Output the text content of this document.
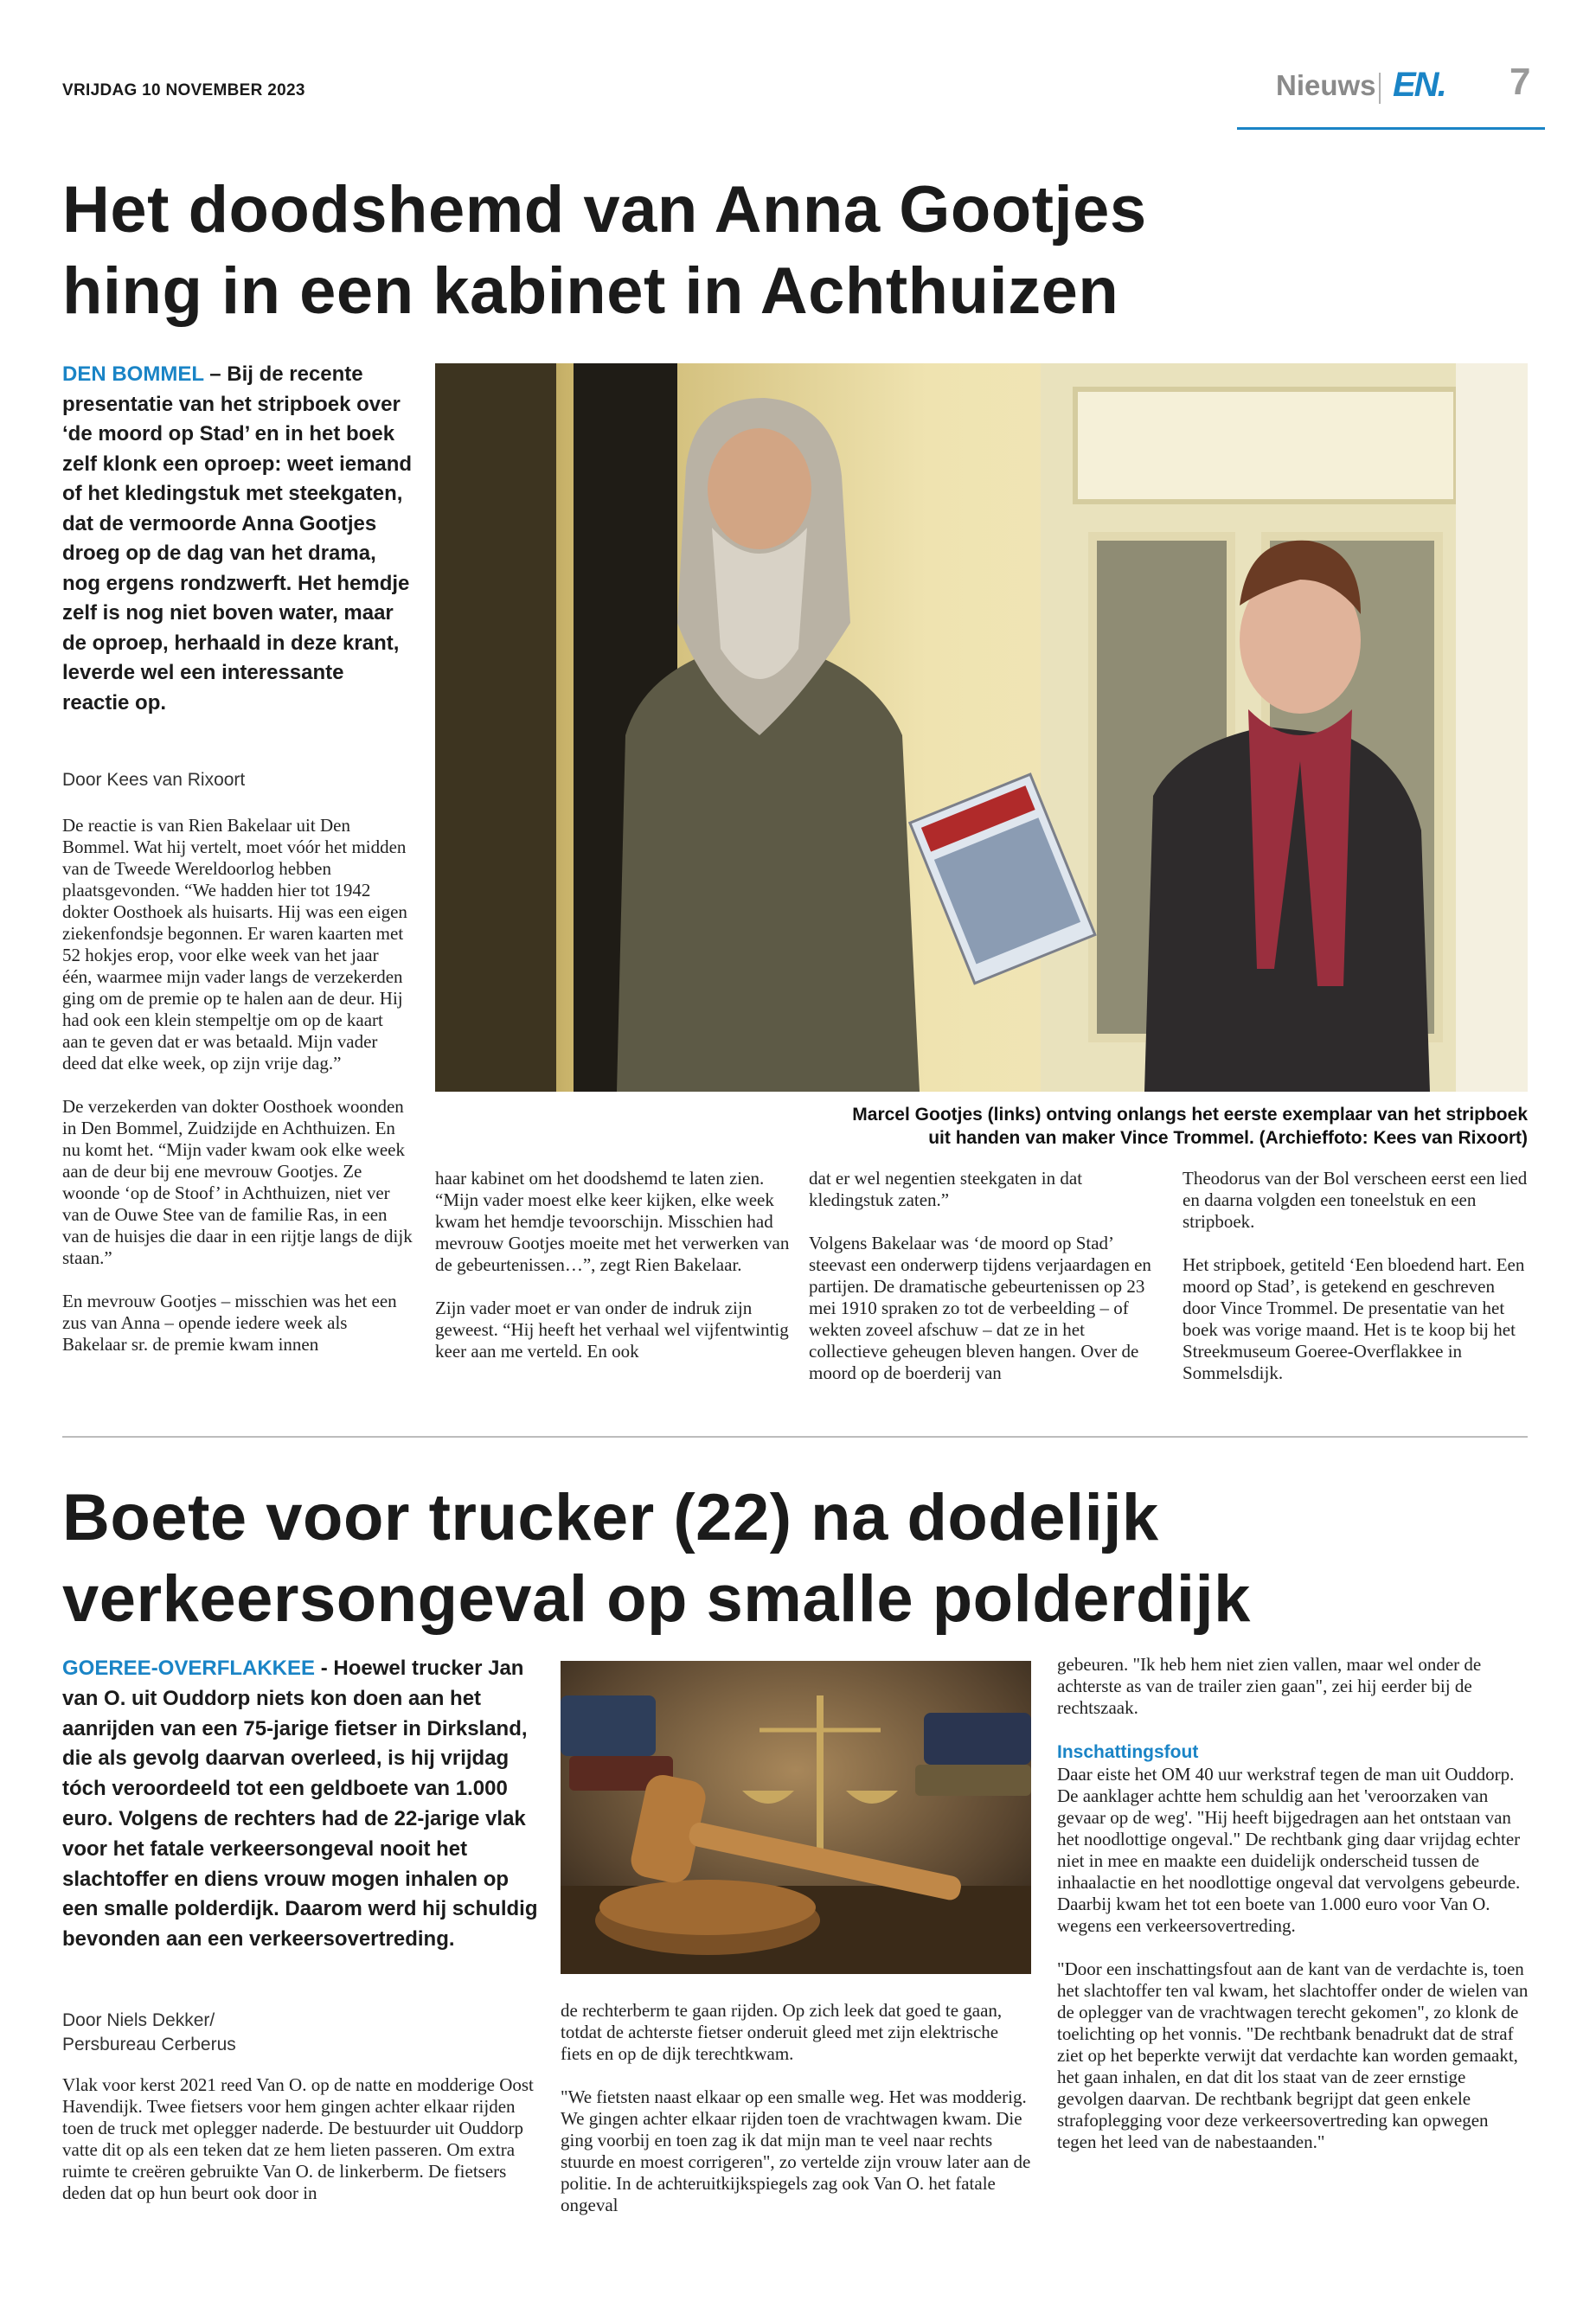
VRIJDAG 10 NOVEMBER 2023	Nieuws EN. 7
Het doodshemd van Anna Gootjes
hing in een kabinet in Achthuizen
DEN BOMMEL – Bij de recente presentatie van het stripboek over ‘de moord op Stad’ en in het boek zelf klonk een oproep: weet iemand of het kledingstuk met steekgaten, dat de vermoorde Anna Gootjes droeg op de dag van het drama, nog ergens rondzwerft. Het hemdje zelf is nog niet boven water, maar de oproep, herhaald in deze krant, leverde wel een interessante reactie op.
Door Kees van Rixoort

De reactie is van Rien Bakelaar uit Den Bommel. Wat hij vertelt, moet vóór het midden van de Tweede Wereldoorlog hebben plaatsgevonden. “We hadden hier tot 1942 dokter Oosthoek als huisarts. Hij was een eigen ziekenfondsje begonnen. Er waren kaarten met 52 hokjes erop, voor elke week van het jaar één, waarmee mijn vader langs de verzekerden ging om de premie op te halen aan de deur. Hij had ook een klein stempeltje om op de kaart aan te geven dat er was betaald. Mijn vader deed dat elke week, op zijn vrije dag.”

De verzekerden van dokter Oosthoek woonden in Den Bommel, Zuidzijde en Achthuizen. En nu komt het. “Mijn vader kwam ook elke week aan de deur bij ene mevrouw Gootjes. Ze woonde ‘op de Stoof’ in Achthuizen, niet ver van de Ouwe Stee van de familie Ras, in een van de huisjes die daar in een rijtje langs de dijk staan.”

En mevrouw Gootjes – misschien was het een zus van Anna – opende iedere week als Bakelaar sr. de premie kwam innen

Marcel Gootjes (links) ontving onlangs het eerste exemplaar van het stripboek
uit handen van maker Vince Trommel. (Archieffoto: Kees van Rixoort)

haar kabinet om het doodshemd te laten zien. “Mijn vader moest elke keer kijken, elke week kwam het hemdje tevoorschijn. Misschien had mevrouw Gootjes moeite met het verwerken van de gebeurtenissen…”, zegt Rien Bakelaar.

Zijn vader moet er van onder de indruk zijn geweest. “Hij heeft het verhaal wel vijfentwintig keer aan me verteld. En ook

dat er wel negentien steekgaten in dat kledingstuk zaten.”

Volgens Bakelaar was ‘de moord op Stad’ steevast een onderwerp tijdens verjaardagen en partijen. De dramatische gebeurtenissen op 23 mei 1910 spraken zo tot de verbeelding – of wekten zoveel afschuw – dat ze in het collectieve geheugen bleven hangen. Over de moord op de boerderij van

Theodorus van der Bol verscheen eerst een lied en daarna volgden een toneelstuk en een stripboek.

Het stripboek, getiteld ‘Een bloedend hart. Een moord op Stad’, is getekend en geschreven door Vince Trommel. De presentatie van het boek was vorige maand. Het is te koop bij het Streekmuseum Goeree-Overflakkee in Sommelsdijk.

Boete voor trucker (22) na dodelijk
verkeersongeval op smalle polderdijk
GOEREE-OVERFLAKKEE - Hoewel trucker Jan van O. uit Ouddorp niets kon doen aan het aanrijden van een 75-jarige fietser in Dirksland, die als gevolg daarvan overleed, is hij vrijdag tóch veroordeeld tot een geldboete van 1.000 euro. Volgens de rechters had de 22-jarige vlak voor het fatale verkeersongeval nooit het slachtoffer en diens vrouw mogen inhalen op een smalle polderdijk. Daarom werd hij schuldig bevonden aan een verkeersovertreding.
Door Niels Dekker/
Persbureau Cerberus

Vlak voor kerst 2021 reed Van O. op de natte en modderige Oost Havendijk. Twee fietsers voor hem gingen achter elkaar rijden toen de truck met oplegger naderde. De bestuurder uit Ouddorp vatte dit op als een teken dat ze hem lieten passeren. Om extra ruimte te creëren gebruikte Van O. de linkerberm. De fietsers deden dat op hun beurt ook door in

de rechterberm te gaan rijden. Op zich leek dat goed te gaan, totdat de achterste fietser onderuit gleed met zijn elektrische fiets en op de dijk terechtkwam.

"We fietsten naast elkaar op een smalle weg. Het was modderig. We gingen achter elkaar rijden toen de vrachtwagen kwam. Die ging voorbij en toen zag ik dat mijn man te veel naar rechts stuurde en moest corrigeren", zo vertelde zijn vrouw later aan de politie. In de achteruitkijkspiegels zag ook Van O. het fatale ongeval

gebeuren. "Ik heb hem niet zien vallen, maar wel onder de achterste as van de trailer zien gaan", zei hij eerder bij de rechtszaak.

Inschattingsfout

Daar eiste het OM 40 uur werkstraf tegen de man uit Ouddorp. De aanklager achtte hem schuldig aan het 'veroorzaken van gevaar op de weg'. "Hij heeft bijgedragen aan het ontstaan van het noodlottige ongeval." De rechtbank ging daar vrijdag echter niet in mee en maakte een duidelijk onderscheid tussen de inhaalactie en het noodlottige ongeval dat vervolgens gebeurde. Daarbij kwam het tot een boete van 1.000 euro voor Van O. wegens een verkeersovertreding.

"Door een inschattingsfout aan de kant van de verdachte is, toen het slachtoffer ten val kwam, het slachtoffer onder de wielen van de oplegger van de vrachtwagen terecht gekomen", zo klonk de toelichting op het vonnis. "De rechtbank benadrukt dat de straf ziet op het beperkte verwijt dat verdachte kan worden gemaakt, het gaan inhalen, en dat dit los staat van de zeer ernstige gevolgen daarvan. De rechtbank begrijpt dat geen enkele strafoplegging voor deze verkeersovertreding kan opwegen tegen het leed van de nabestaanden."
